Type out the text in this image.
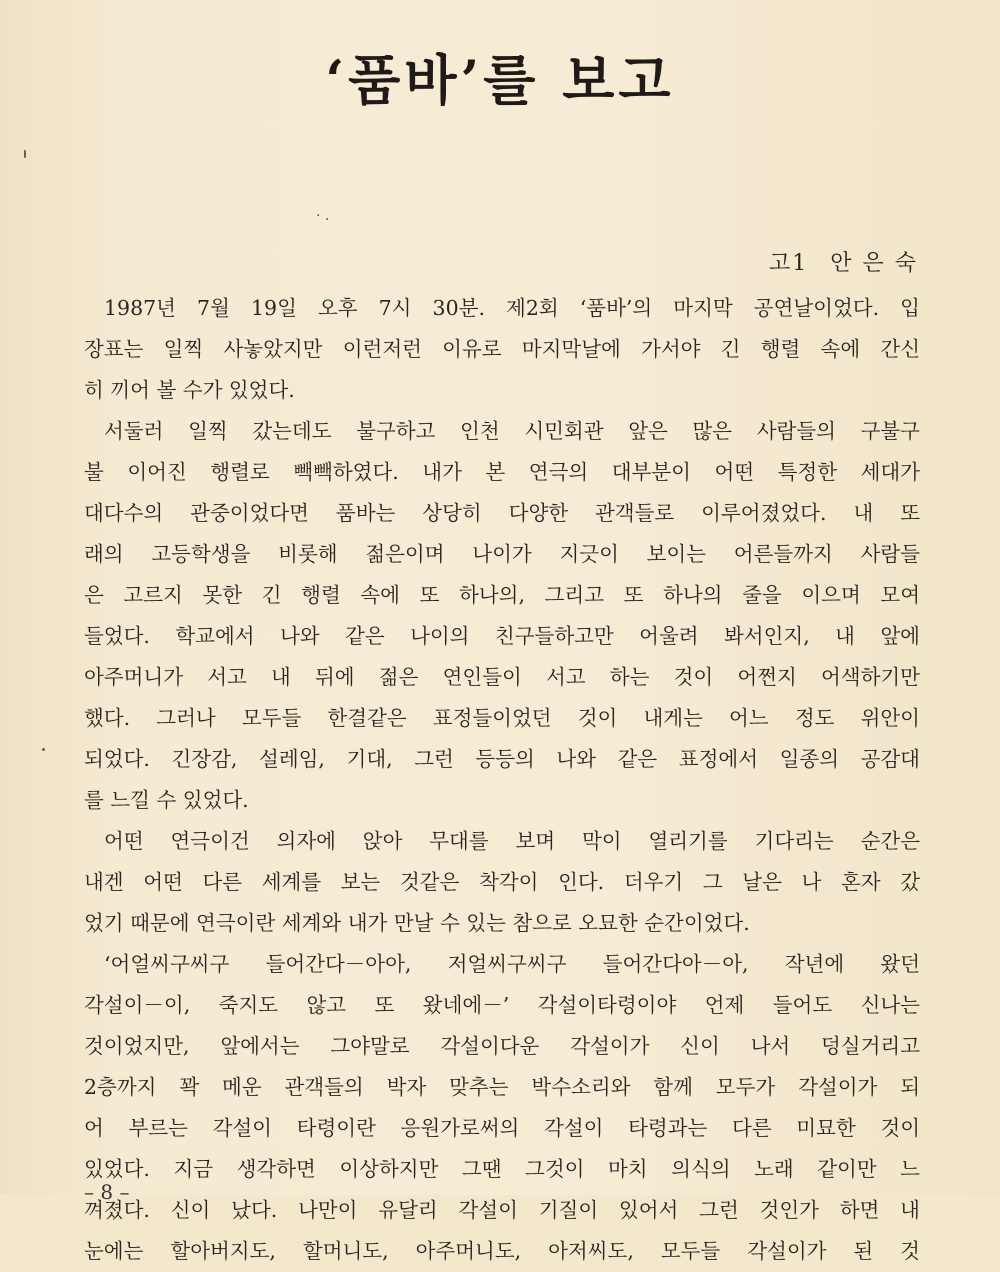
‘품바’를 보고
· .
고1 안 은 숙
1987년 7월 19일 오후 7시 30분. 제2회 ‘품바’의 마지막 공연날이었다. 입
장표는 일찍 사놓았지만 이런저런 이유로 마지막날에 가서야 긴 행렬 속에 간신
히 끼어 볼 수가 있었다.
서둘러 일찍 갔는데도 불구하고 인천 시민회관 앞은 많은 사람들의 구불구
불 이어진 행렬로 빽빽하였다. 내가 본 연극의 대부분이 어떤 특정한 세대가
대다수의 관중이었다면 품바는 상당히 다양한 관객들로 이루어졌었다. 내 또
래의 고등학생을 비롯해 젊은이며 나이가 지긋이 보이는 어른들까지 사람들
은 고르지 못한 긴 행렬 속에 또 하나의, 그리고 또 하나의 줄을 이으며 모여
들었다. 학교에서 나와 같은 나이의 친구들하고만 어울려 봐서인지, 내 앞에
아주머니가 서고 내 뒤에 젊은 연인들이 서고 하는 것이 어쩐지 어색하기만
했다. 그러나 모두들 한결같은 표정들이었던 것이 내게는 어느 정도 위안이
되었다. 긴장감, 설레임, 기대, 그런 등등의 나와 같은 표정에서 일종의 공감대
를 느낄 수 있었다.
어떤 연극이건 의자에 앉아 무대를 보며 막이 열리기를 기다리는 순간은
내겐 어떤 다른 세계를 보는 것같은 착각이 인다. 더우기 그 날은 나 혼자 갔
었기 때문에 연극이란 세계와 내가 만날 수 있는 참으로 오묘한 순간이었다.
‘어얼씨구씨구 들어간다－아아, 저얼씨구씨구 들어간다아－아, 작년에 왔던
각설이－이, 죽지도 않고 또 왔네에－’ 각설이타령이야 언제 들어도 신나는
것이었지만, 앞에서는 그야말로 각설이다운 각설이가 신이 나서 덩실거리고
2층까지 꽉 메운 관객들의 박자 맞추는 박수소리와 함께 모두가 각설이가 되
어 부르는 각설이 타령이란 응원가로써의 각설이 타령과는 다른 미묘한 것이
있었다. 지금 생각하면 이상하지만 그땐 그것이 마치 의식의 노래 같이만 느
껴졌다. 신이 났다. 나만이 유달리 각설이 기질이 있어서 그런 것인가 하면 내
눈에는 할아버지도, 할머니도, 아주머니도, 아저씨도, 모두들 각설이가 된 것
– 8 –
